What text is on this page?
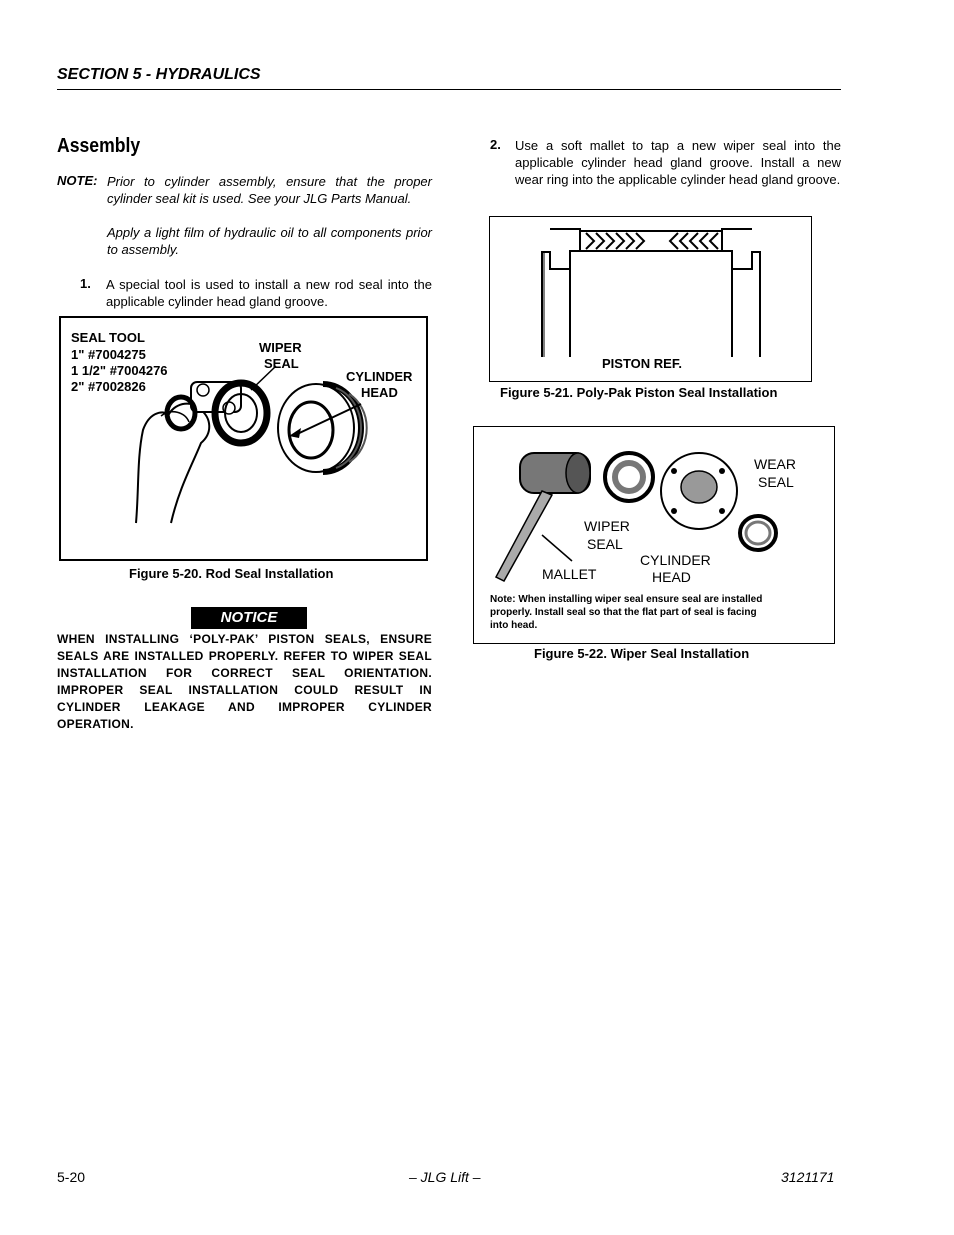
SECTION 5 - HYDRAULICS
Assembly
NOTE: Prior to cylinder assembly, ensure that the proper cylinder seal kit is used. See your JLG Parts Manual.
Apply a light film of hydraulic oil to all components prior to assembly.
1. A special tool is used to install a new rod seal into the applicable cylinder head gland groove.
SEAL TOOL
1" #7004275
1 1/2" #7004276
2" #7002826
WIPER
SEAL
CYLINDER
HEAD
Figure 5-20. Rod Seal Installation
NOTICE
WHEN INSTALLING ‘POLY-PAK’ PISTON SEALS, ENSURE SEALS ARE INSTALLED PROPERLY. REFER TO WIPER SEAL INSTALLATION FOR CORRECT SEAL ORIENTATION. IMPROPER SEAL INSTALLATION COULD RESULT IN CYLINDER LEAKAGE AND IMPROPER CYLINDER OPERATION.
2. Use a soft mallet to tap a new wiper seal into the applicable cylinder head gland groove. Install a new wear ring into the applicable cylinder head gland groove.
PISTON REF.
Figure 5-21. Poly-Pak Piston Seal Installation
MALLET
WIPER
SEAL
CYLINDER
HEAD
WEAR
SEAL
Note: When installing wiper seal ensure seal are installed
properly. Install seal so that the flat part of seal is facing
into head.
Figure 5-22. Wiper Seal Installation
5-20	– JLG Lift –	3121171
